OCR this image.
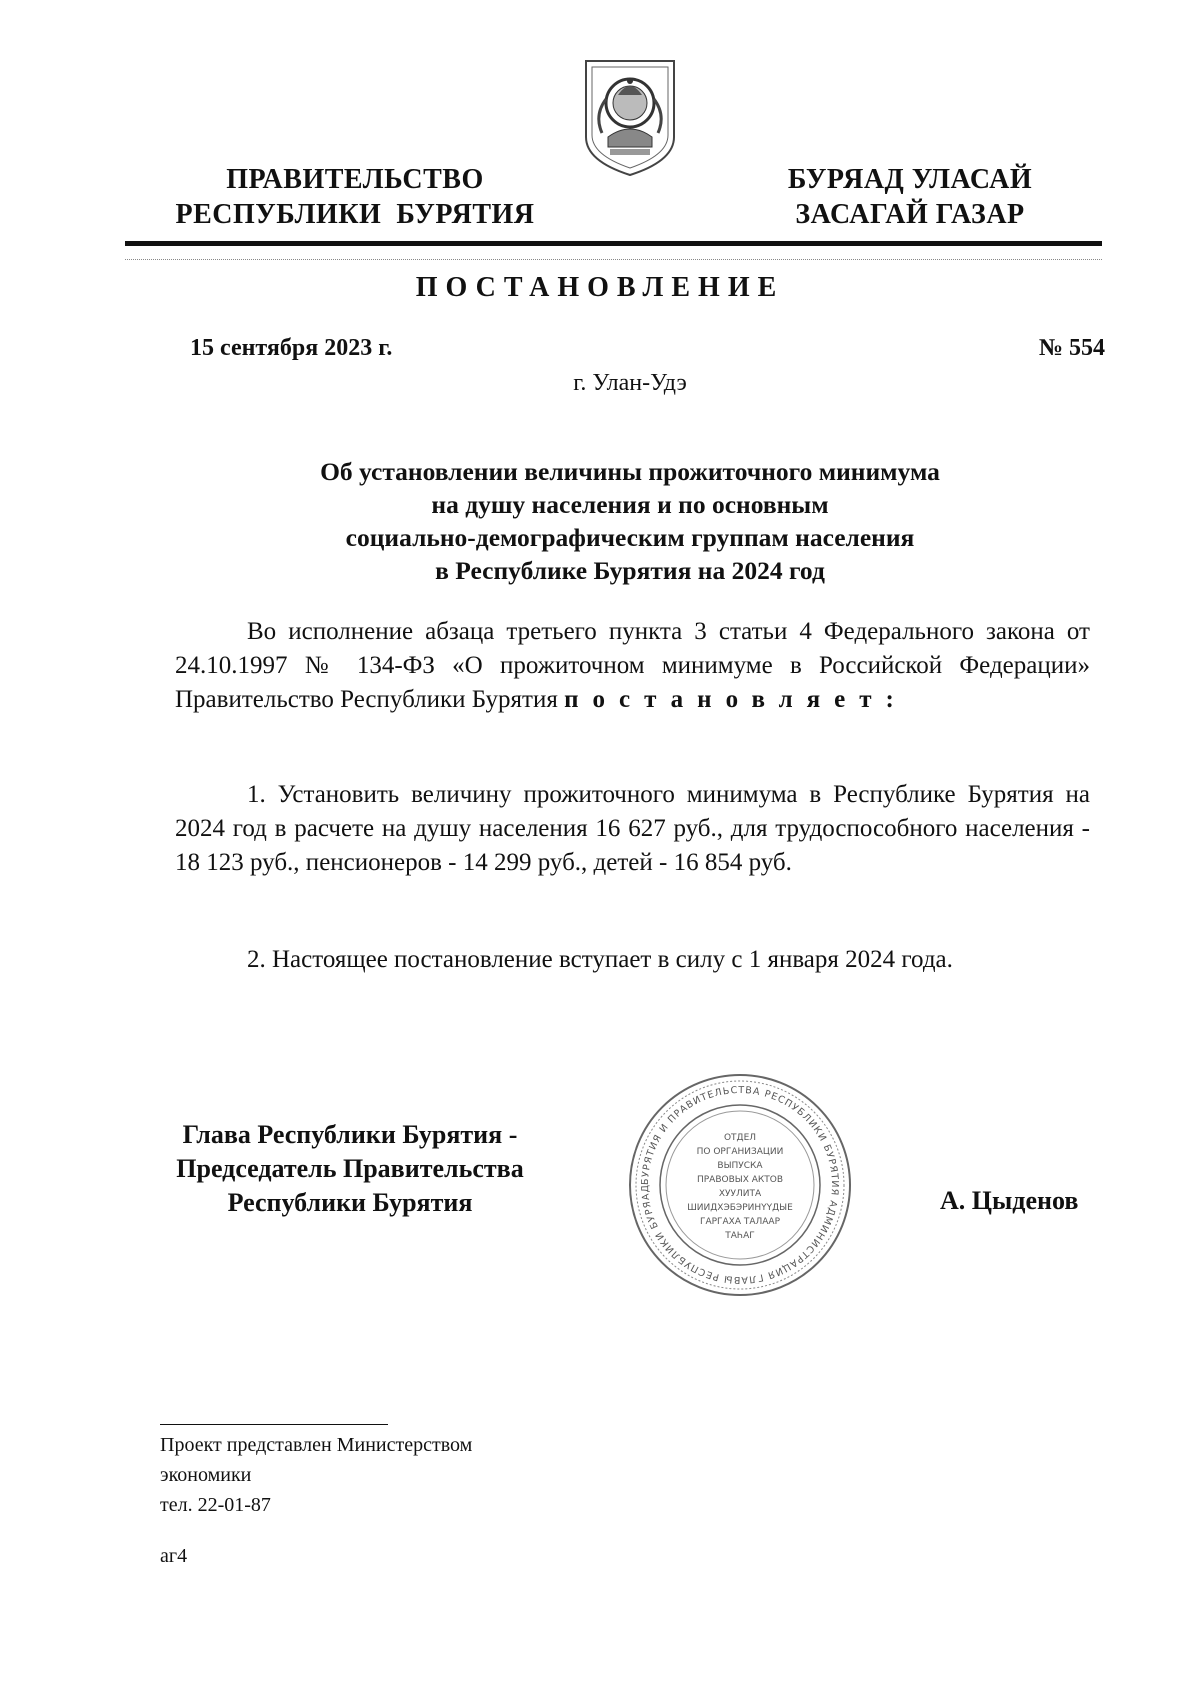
ПРАВИТЕЛЬСТВО
РЕСПУБЛИКИ  БУРЯТИЯ
БУРЯАД УЛАСАЙ
ЗАСАГАЙ ГАЗАР
ПОСТАНОВЛЕНИЕ
15 сентября 2023 г.	№ 554
г. Улан-Удэ
Об установлении величины прожиточного минимума
на душу населения и по основным
социально-демографическим группам населения
в Республике Бурятия на 2024 год
Во исполнение абзаца третьего пункта 3 статьи 4 Федерального закона от 24.10.1997 № 134-ФЗ «О прожиточном минимуме в Российской Федерации» Правительство Республики Бурятия постановляет:
1. Установить величину прожиточного минимума в Республике Бурятия на 2024 год в расчете на душу населения 16 627 руб., для трудоспособного населения - 18 123 руб., пенсионеров - 14 299 руб., детей - 16 854 руб.
2. Настоящее постановление вступает в силу с 1 января 2024 года.
Глава Республики Бурятия -
Председатель Правительства
Республики Бурятия
БУРЯТИЯ И ПРАВИТЕЛЬСТВА РЕСПУБЛИКИ БУРЯТИЯ АДМИНИСТРАЦИЯ ГЛАВЫ РЕСПУБЛИКИ БУРЯАД
ОТДЕЛ
ПО ОРГАНИЗАЦИИ
ВЫПУСКА
ПРАВОВЫХ АКТОВ
ХУУЛИТА
ШИИДХЭБЭРИНҮҮДЫЕ
ГАРГАХА ТАЛААР
ТАҺАГ
А. Цыденов
Проект представлен Министерством
экономики
тел. 22-01-87
аг4
